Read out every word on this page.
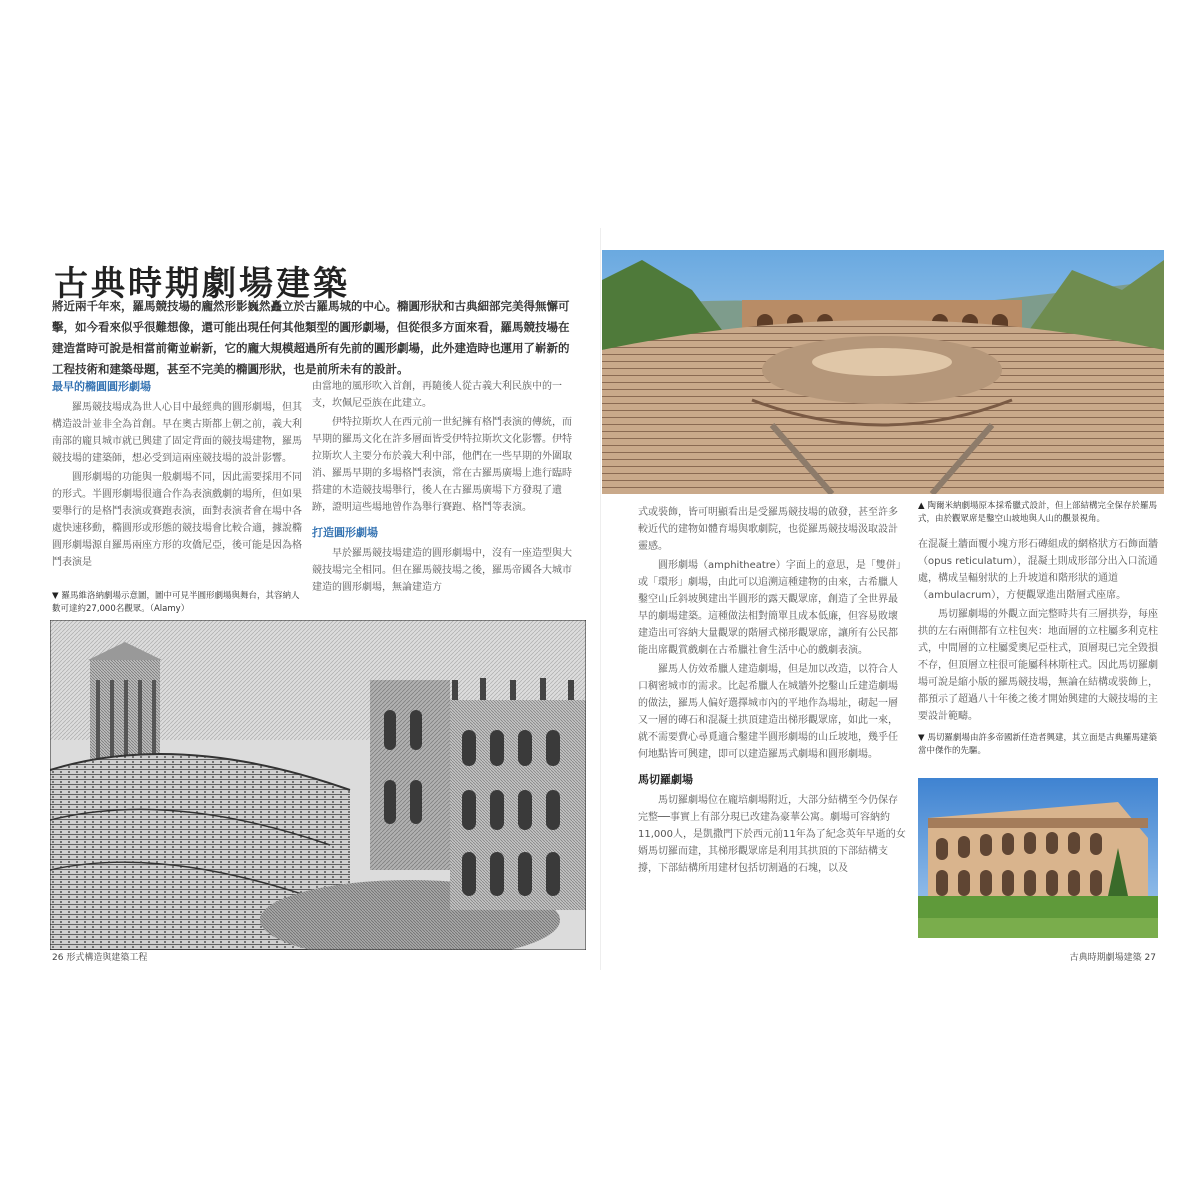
古典時期劇場建築

將近兩千年來，羅馬競技場的龐然形影巍然矗立於古羅馬城的中心。橢圓形狀和古典細部完美得無懈可擊，如今看來似乎很難想像，還可能出現任何其他類型的圓形劇場，但從很多方面來看，羅馬競技場在建造當時可說是相當前衛並嶄新，它的龐大規模超過所有先前的圓形劇場，此外建造時也運用了嶄新的工程技術和建築母題，甚至不完美的橢圓形狀，也是前所未有的設計。

最早的橢圓圓形劇場

羅馬競技場成為世人心目中最經典的圓形劇場，但其構造設計並非全為首創。早在奧古斯都上朝之前，義大利南部的龐貝城市就已興建了固定背面的競技場建物，羅馬競技場的建築師，想必受到這兩座競技場的設計影響。

圓形劇場的功能與一般劇場不同，因此需要採用不同的形式。半圓形劇場很適合作為表演戲劇的場所，但如果要舉行的是格鬥表演或賽跑表演，面對表演者會在場中各處快速移動，橢圓形或形態的競技場會比較合適，據說橢圓形劇場源自羅馬兩座方形的攻僑尼亞，後可能是因為格鬥表演是

由當地的風形吹入首創，再隨後人從古義大利民族中的一支，坎佩尼亞族在此建立。

伊特拉斯坎人在西元前一世紀擁有格鬥表演的傳統，而早期的羅馬文化在許多層面皆受伊特拉斯坎文化影響。伊特拉斯坎人主要分布於義大利中部，他們在一些早期的外圍取消、羅馬早期的多場格鬥表演，常在古羅馬廣場上進行臨時搭建的木造競技場舉行，後人在古羅馬廣場下方發現了遺跡，證明這些場地曾作為舉行賽跑、格鬥等表演。

打造圓形劇場

早於羅馬競技場建造的圓形劇場中，沒有一座造型與大競技場完全相同。但在羅馬競技場之後，羅馬帝國各大城市建造的圓形劇場，無論建造方

▼ 羅馬維洛納劇場示意圖，圖中可見半圓形劇場與舞台，其容納人數可達約27,000名觀眾。（Alamy）
26 形式構造與建築工程
▲ 陶爾米納劇場原本採希臘式設計，但上部結構完全保存於羅馬式，由於觀眾席是鑿空山坡地與人山的觀景視角。

式或裝飾，皆可明顯看出是受羅馬競技場的啟發，甚至許多較近代的建物如體育場與歌劇院，也從羅馬競技場汲取設計靈感。

圓形劇場（amphitheatre）字面上的意思，是「雙併」或「環形」劇場，由此可以追溯這種建物的由來，古希臘人鑿空山丘斜坡興建出半圓形的露天觀眾席，創造了全世界最早的劇場建築。這種做法相對簡單且成本低廉，但容易敗壞建造出可容納大量觀眾的階層式梯形觀眾席，讓所有公民都能出席觀賞戲劇在古希臘社會生活中心的戲劇表演。

羅馬人仿效希臘人建造劇場，但是加以改造，以符合人口稠密城市的需求。比起希臘人在城牆外挖鑿山丘建造劇場的做法，羅馬人偏好選擇城市內的平地作為場址，砌起一層又一層的磚石和混凝土拱頂建造出梯形觀眾席，如此一來，就不需要費心尋覓適合鑿建半圓形劇場的山丘坡地，幾乎任何地點皆可興建，即可以建造羅馬式劇場和圓形劇場。

馬切羅劇場

馬切羅劇場位在龐培劇場附近，大部分結構至今仍保存完整──事實上有部分現已改建為豪華公寓。劇場可容納約11,000人，是凱撒門下於西元前11年為了紀念英年早逝的女婿馬切羅而建，其梯形觀眾席是利用其拱頂的下部結構支撐，下部結構所用建材包括切割過的石塊，以及

在混凝土牆面覆小塊方形石磚組成的網格狀方石飾面牆（opus reticulatum），混凝土則成形部分出入口流通處，構成呈輻射狀的上升坡道和階形狀的通道（ambulacrum），方便觀眾進出階層式座席。

馬切羅劇場的外觀立面完整時共有三層拱券，每座拱的左右兩側都有立柱包夾：地面層的立柱屬多利克柱式，中間層的立柱屬愛奧尼亞柱式，頂層現已完全毀損不存，但頂層立柱很可能屬科林斯柱式。因此馬切羅劇場可說是縮小版的羅馬競技場，無論在結構或裝飾上，都預示了超過八十年後之後才開始興建的大競技場的主要設計範疇。

▼ 馬切羅劇場由許多帝國新任造者興建，其立面是古典羅馬建築當中傑作的先驅。
古典時期劇場建築 27
